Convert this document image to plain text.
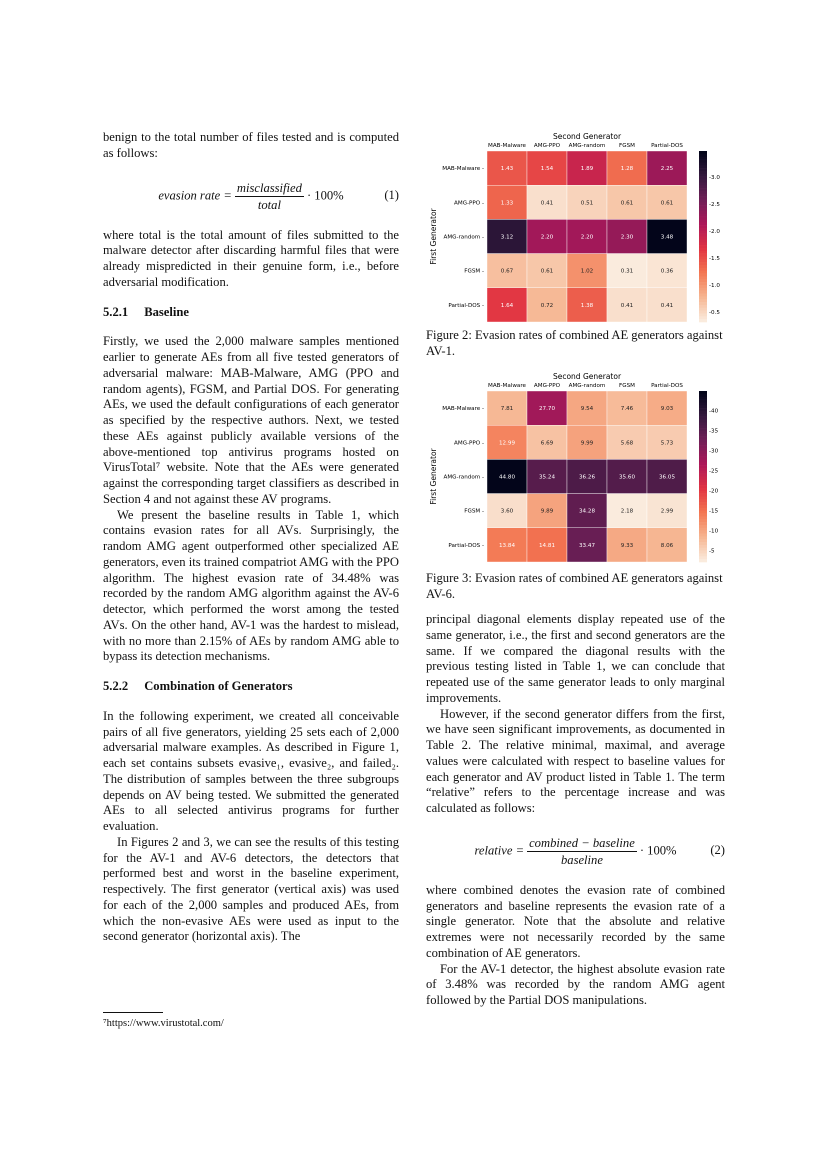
benign to the total number of files tested and is computed as follows:

evasion rate = $\frac{\text{misclassified}}{\text{total}} \cdot 100\%$	(1)

where total is the total amount of files submitted to the malware detector after discarding harmful files that were already mispredicted in their genuine form, i.e., before adversarial modification.

5.2.1 Baseline

Firstly, we used the 2,000 malware samples mentioned earlier to generate AEs from all five tested generators of adversarial malware: MAB-Malware, AMG (PPO and random agents), FGSM, and Partial DOS. For generating AEs, we used the default configurations of each generator as specified by the respective authors. Next, we tested these AEs against publicly available versions of the above-mentioned top antivirus programs hosted on VirusTotal⁷ website. Note that the AEs were generated against the corresponding target classifiers as described in Section 4 and not against these AV programs.

We present the baseline results in Table 1, which contains evasion rates for all AVs. Surprisingly, the random AMG agent outperformed other specialized AE generators, even its trained compatriot AMG with the PPO algorithm. The highest evasion rate of 34.48% was recorded by the random AMG algorithm against the AV-6 detector, which performed the worst among the tested AVs. On the other hand, AV-1 was the hardest to mislead, with no more than 2.15% of AEs by random AMG able to bypass its detection mechanisms.

5.2.2 Combination of Generators

In the following experiment, we created all conceivable pairs of all five generators, yielding 25 sets each of 2,000 adversarial malware examples. As described in Figure 1, each set contains subsets evasive₁, evasive₂, and failed₂. The distribution of samples between the three subgroups depends on AV being tested. We submitted the generated AEs to all selected antivirus programs for further evaluation.

In Figures 2 and 3, we can see the results of this testing for the AV-1 and AV-6 detectors, the detectors that performed best and worst in the baseline experiment, respectively. The first generator (vertical axis) was used for each of the 2,000 samples and produced AEs, from which the non-evasive AEs were used as input to the second generator (horizontal axis). The

⁷https://www.virustotal.com/
Second Generator
First Generator
MAB-Malware AMG-PPO AMG-random FGSM	Partial-DOS
MAB-Malware -
AMG-PPO -
AMG-random -
FGSM -
Partial-DOS -
1.43	1.54	1.89	1.28	2.25
1.33	0.41	0.51	0.61	0.61
3.12	2.20	2.20	2.30	3.48
0.67	0.61	1.02	0.31	0.36
1.64	0.72	1.38	0.41	0.41
-0.5
-1.0
-1.5
-2.0
-2.5
-3.0
Figure 2: Evasion rates of combined AE generators against AV-1.
Second Generator
First Generator
MAB-Malware AMG-PPO AMG-random FGSM	Partial-DOS
MAB-Malware -
AMG-PPO -
AMG-random -
FGSM -
Partial-DOS -
7.81	27.70	9.54	7.46	9.03
12.99	6.69	9.99	5.68	5.73
44.80	35.24	36.26	35.60	36.05
3.60	9.89	34.28	2.18	2.99
13.84	14.81	33.47	9.33	8.06
-5
-10
-15
-20
-25
-30
-35
-40
Figure 3: Evasion rates of combined AE generators against AV-6.

principal diagonal elements display repeated use of the same generator, i.e., the first and second generators are the same. If we compared the diagonal results with the previous testing listed in Table 1, we can conclude that repeated use of the same generator leads to only marginal improvements.

However, if the second generator differs from the first, we have seen significant improvements, as documented in Table 2. The relative minimal, maximal, and average values were calculated with respect to baseline values for each generator and AV product listed in Table 1. The term “relative” refers to the percentage increase and was calculated as follows:

relative = $\frac{\text{combined − baseline}}{\text{baseline}} \cdot 100\%$	(2)

where combined denotes the evasion rate of combined generators and baseline represents the evasion rate of a single generator. Note that the absolute and relative extremes were not necessarily recorded by the same combination of AE generators.

For the AV-1 detector, the highest absolute evasion rate of 3.48% was recorded by the random AMG agent followed by the Partial DOS manipulations.
